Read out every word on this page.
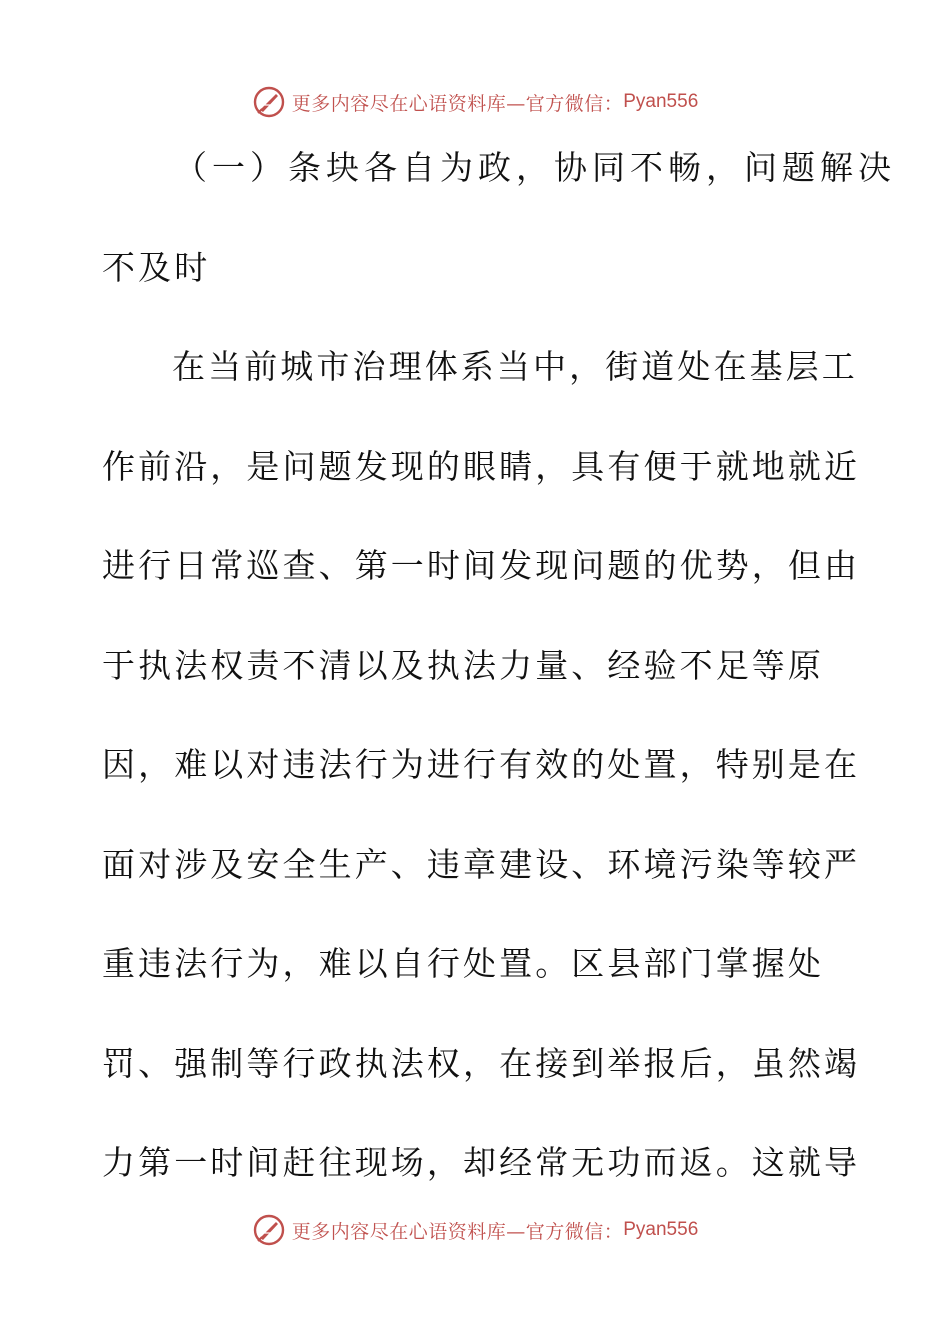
更多内容尽在心语资料库—官方微信： Pyan556
（一）条块各自为政，协同不畅，问题解决
不及时
在当前城市治理体系当中，街道处在基层工
作前沿，是问题发现的眼睛，具有便于就地就近
进行日常巡查、第一时间发现问题的优势，但由
于执法权责不清以及执法力量、经验不足等原
因，难以对违法行为进行有效的处置，特别是在
面对涉及安全生产、违章建设、环境污染等较严
重违法行为，难以自行处置。区县部门掌握处
罚、强制等行政执法权，在接到举报后，虽然竭
力第一时间赶往现场，却经常无功而返。这就导
更多内容尽在心语资料库—官方微信： Pyan556
